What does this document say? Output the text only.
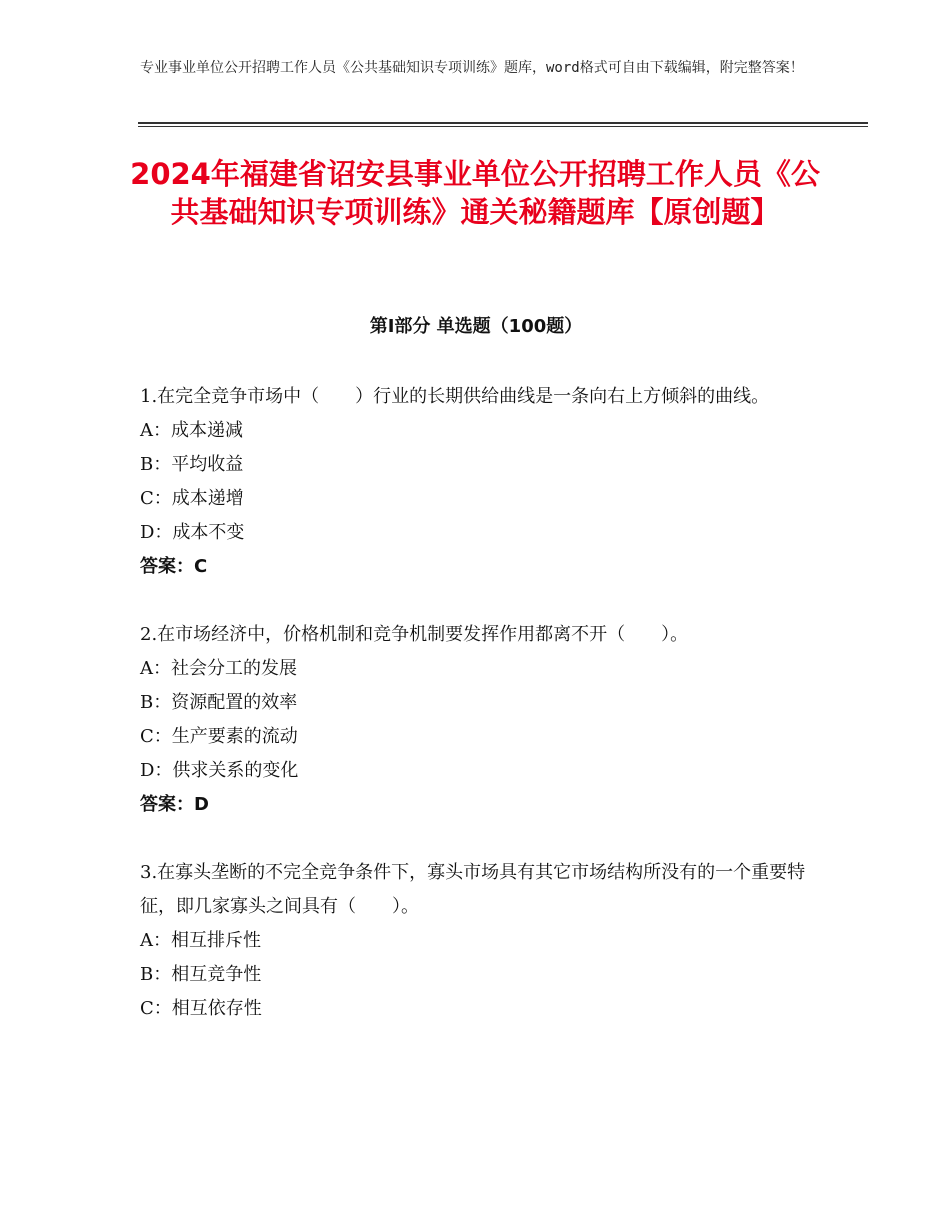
专业事业单位公开招聘工作人员《公共基础知识专项训练》题库，word格式可自由下载编辑，附完整答案！
2024年福建省诏安县事业单位公开招聘工作人员《公共基础知识专项训练》通关秘籍题库【原创题】
第Ⅰ部分 单选题（100题）

1.在完全竞争市场中（　　）行业的长期供给曲线是一条向右上方倾斜的曲线。

A：成本递减

B：平均收益

C：成本递增

D：成本不变

答案：C

2.在市场经济中，价格机制和竞争机制要发挥作用都离不开（　　）。

A：社会分工的发展

B：资源配置的效率

C：生产要素的流动

D：供求关系的变化

答案：D

3.在寡头垄断的不完全竞争条件下，寡头市场具有其它市场结构所没有的一个重要特征，即几家寡头之间具有（　　）。

A：相互排斥性

B：相互竞争性

C：相互依存性
